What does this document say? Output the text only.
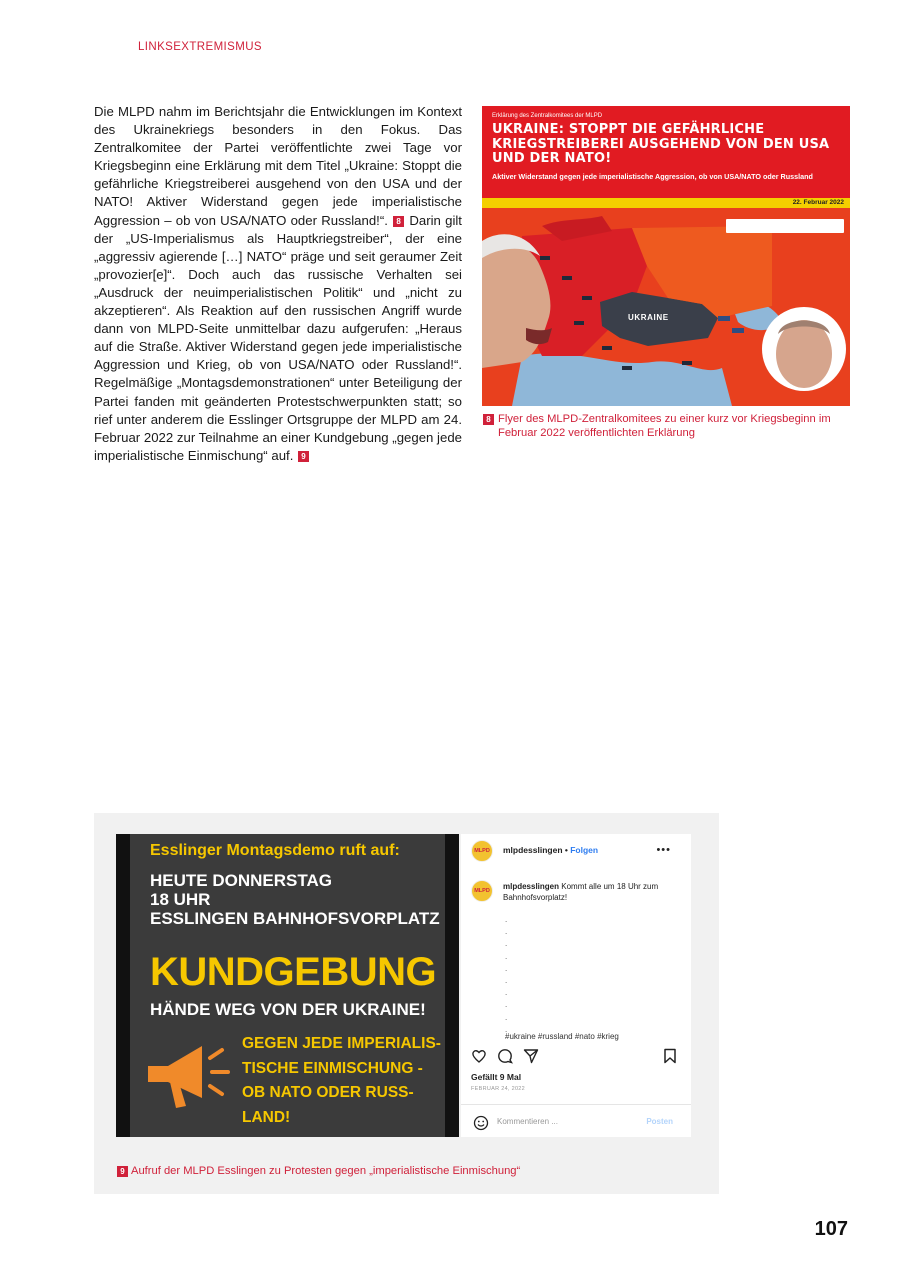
LINKSEXTREMISMUS
Die MLPD nahm im Berichtsjahr die Entwicklungen im Kontext des Ukrainekriegs besonders in den Fokus. Das Zentralkomitee der Partei veröffentlichte zwei Tage vor Kriegsbeginn eine Erklärung mit dem Titel „Ukraine: Stoppt die gefährliche Kriegstreiberei ausgehend von den USA und der NATO! Aktiver Widerstand gegen jede imperialistische Aggression – ob von USA/NATO oder Russland!“. 8 Darin gilt der „US-Imperialismus als Hauptkriegstreiber“, der eine „aggressiv agierende […] NATO“ präge und seit geraumer Zeit „provozier[e]“. Doch auch das russische Verhalten sei „Ausdruck der neuimperialistischen Politik“ und „nicht zu akzeptieren“. Als Reaktion auf den russischen Angriff wurde dann von MLPD-Seite unmittelbar dazu aufgerufen: „Heraus auf die Straße. Aktiver Widerstand gegen jede imperialistische Aggression und Krieg, ob von USA/NATO oder Russland!“. Regelmäßige „Montagsdemonstrationen“ unter Beteiligung der Partei fanden mit geänderten Protestschwerpunkten statt; so rief unter anderem die Esslinger Ortsgruppe der MLPD am 24. Februar 2022 zur Teilnahme an einer Kundgebung „gegen jede imperialistische Einmischung“ auf. 9
Erklärung des Zentralkomitees der MLPD
UKRAINE: STOPPT DIE GEFÄHRLICHE KRIEGSTREIBEREI AUSGEHEND VON DEN USA UND DER NATO!
Aktiver Widerstand gegen jede imperialistische Aggression, ob von USA/NATO oder Russland
22. Februar 2022
UKRAINE
8 Flyer des MLPD-Zentralkomitees zu einer kurz vor Kriegsbeginn im Februar 2022 veröffentlichten Erklärung
Esslinger Montagsdemo ruft auf:
HEUTE DONNERSTAG
18 UHR
ESSLINGEN BAHNHOFSVORPLATZ
KUNDGEBUNG
HÄNDE WEG VON DER UKRAINE!
GEGEN JEDE IMPERIALIS-
TISCHE EINMISCHUNG -
OB NATO ODER RUSS-
LAND!
MLPD	mlpdesslingen • Folgen	•••
MLPD	mlpdesslingen Kommt alle um 18 Uhr zum Bahnhofsvorplatz!
.
.
.
.
.
.
.
.
.
.
#ukraine #russland #nato #krieg
Gefällt 9 Mal
FEBRUAR 24, 2022
Kommentieren ...	Posten
9 Aufruf der MLPD Esslingen zu Protesten gegen „imperialistische Einmischung“
107
